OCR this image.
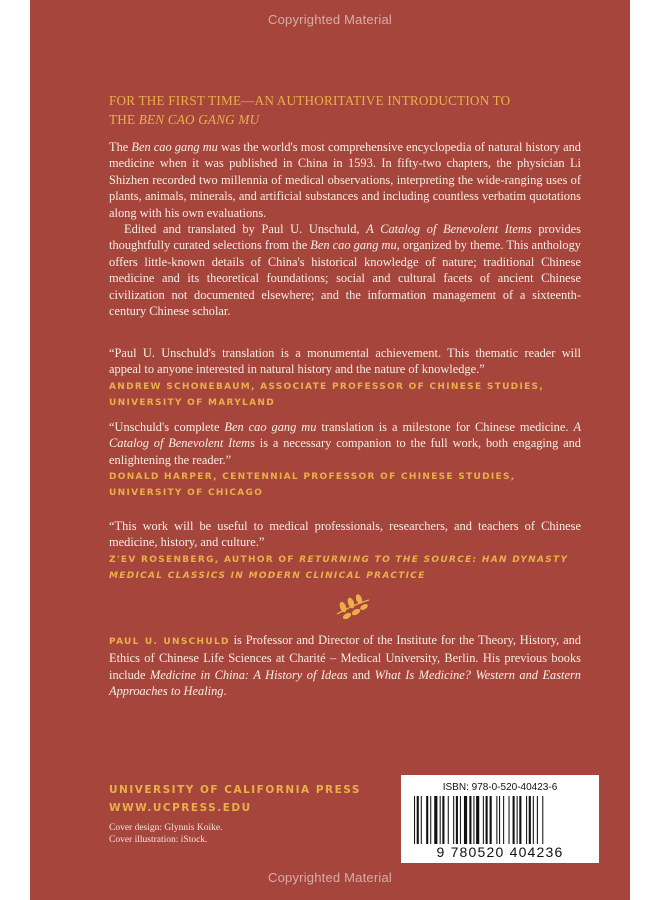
Copyrighted Material
FOR THE FIRST TIME—AN AUTHORITATIVE INTRODUCTION TO
THE BEN CAO GANG MU

The Ben cao gang mu was the world's most comprehensive encyclopedia of natural history and medicine when it was published in China in 1593. In fifty-two chapters, the physician Li Shizhen recorded two millennia of medical observations, interpreting the wide-ranging uses of plants, animals, minerals, and artificial substances and including countless verbatim quotations along with his own evaluations.

Edited and translated by Paul U. Unschuld, A Catalog of Benevolent Items provides thoughtfully curated selections from the Ben cao gang mu, organized by theme. This anthology offers little-known details of China's historical knowledge of nature; traditional Chinese medicine and its theoretical foundations; social and cultural facets of ancient Chinese civilization not documented elsewhere; and the information management of a sixteenth-century Chinese scholar.

“Paul U. Unschuld's translation is a monumental achievement. This thematic reader will appeal to anyone interested in natural history and the nature of knowledge.”

ANDREW SCHONEBAUM, ASSOCIATE PROFESSOR OF CHINESE STUDIES, UNIVERSITY OF MARYLAND

“Unschuld's complete Ben cao gang mu translation is a milestone for Chinese medicine. A Catalog of Benevolent Items is a necessary companion to the full work, both engaging and enlightening the reader.”

DONALD HARPER, CENTENNIAL PROFESSOR OF CHINESE STUDIES, UNIVERSITY OF CHICAGO

“This work will be useful to medical professionals, researchers, and teachers of Chinese medicine, history, and culture.”

Z'EV ROSENBERG, AUTHOR OF RETURNING TO THE SOURCE: HAN DYNASTY MEDICAL CLASSICS IN MODERN CLINICAL PRACTICE

PAUL U. UNSCHULD is Professor and Director of the Institute for the Theory, History, and Ethics of Chinese Life Sciences at Charité – Medical University, Berlin. His previous books include Medicine in China: A History of Ideas and What Is Medicine? Western and Eastern Approaches to Healing.

UNIVERSITY OF CALIFORNIA PRESS
WWW.UCPRESS.EDU
Cover design: Glynnis Koike.
Cover illustration: iStock.
ISBN: 978-0-520-40423-6
9 780520 404236
Copyrighted Material
